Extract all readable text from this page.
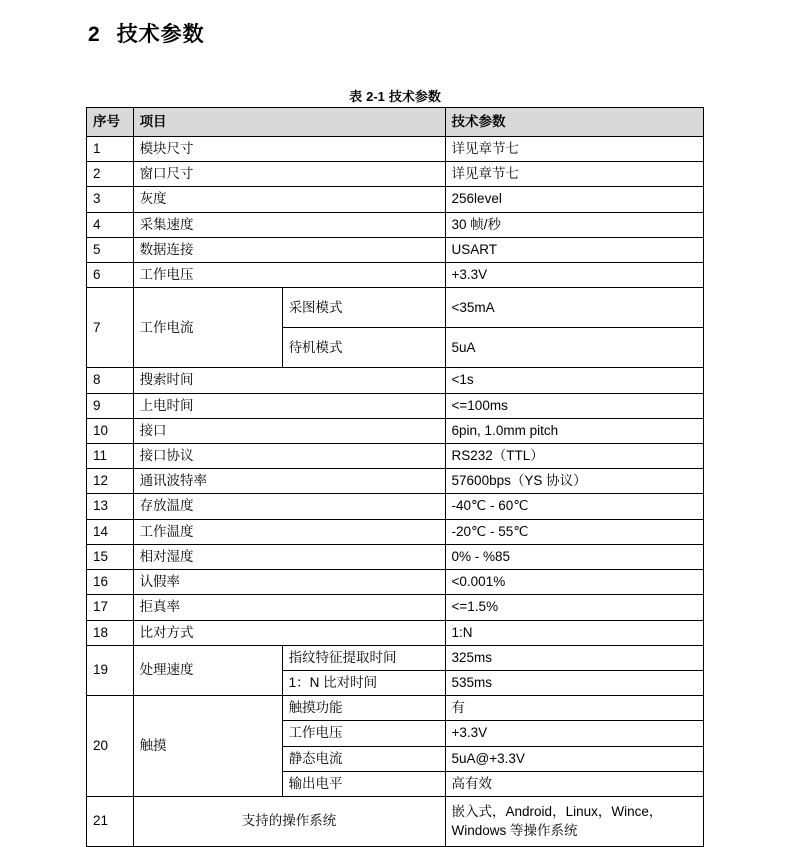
2 技术参数
表 2-1 技术参数
序号	项目		技术参数
1	模块尺寸		详见章节七
2	窗口尺寸		详见章节七
3	灰度		256level
4	采集速度		30 帧/秒
5	数据连接		USART
6	工作电压		+3.3V
7	工作电流	采图模式	<35mA
		待机模式	5uA
8	搜索时间		<1s
9	上电时间		<=100ms
10	接口		6pin, 1.0mm pitch
11	接口协议		RS232（TTL）
12	通讯波特率		57600bps（YS 协议）
13	存放温度		-40℃ - 60℃
14	工作温度		-20℃ - 55℃
15	相对湿度		0% - %85
16	认假率		<0.001%
17	拒真率		<=1.5%
18	比对方式		1:N
19	处理速度	指纹特征提取时间	325ms
		1：N 比对时间	535ms
20	触摸	触摸功能	有
		工作电压	+3.3V
		静态电流	5uA@+3.3V
		输出电平	高有效
21	支持的操作系统		嵌入式，Android，Linux，Wince，Windows 等操作系统
